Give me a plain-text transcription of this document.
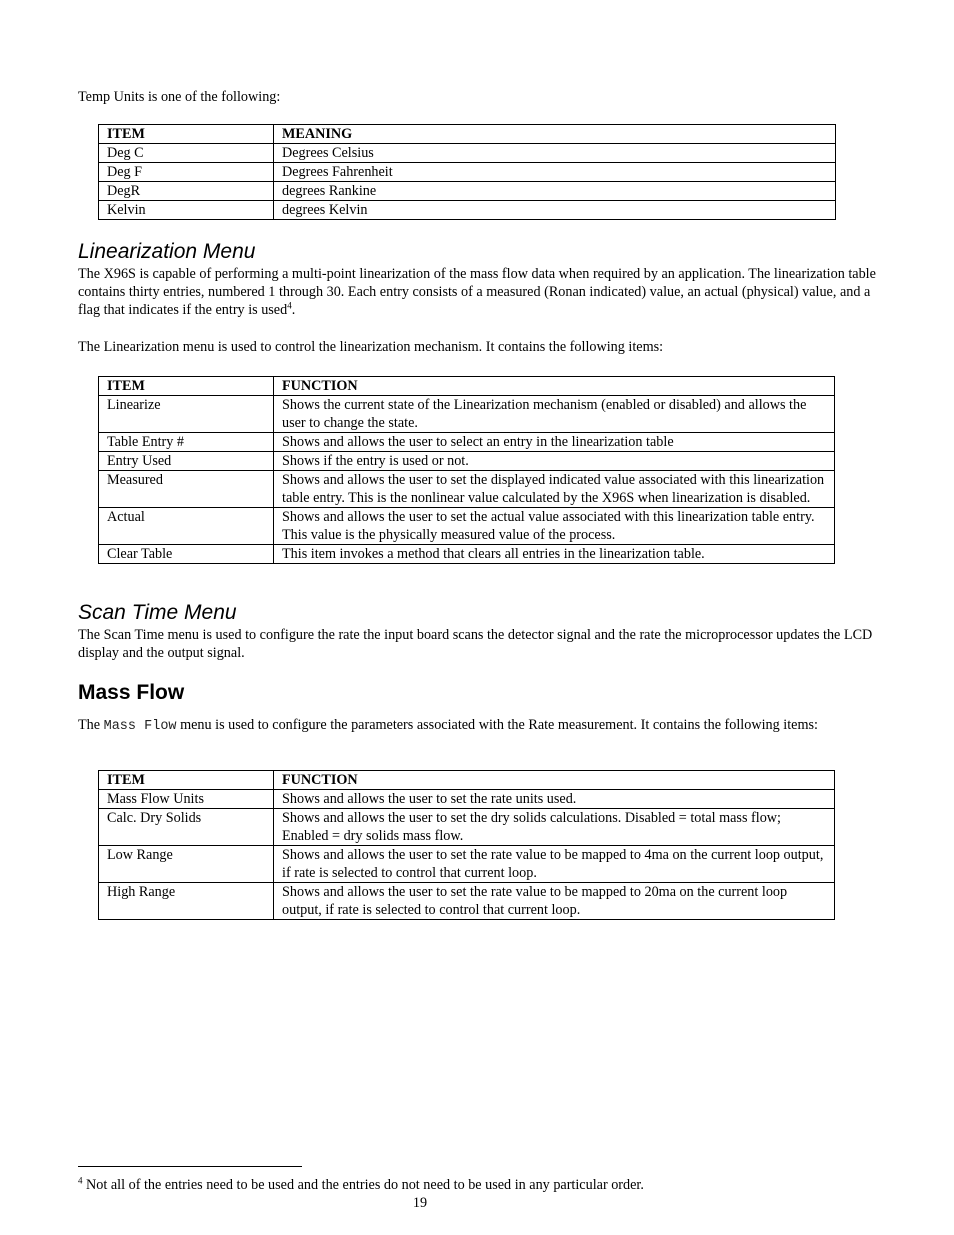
Temp Units is one of the following:

ITEM	MEANING
Deg C	Degrees Celsius
Deg F	Degrees Fahrenheit
DegR	degrees Rankine
Kelvin	degrees Kelvin
Linearization Menu

The X96S is capable of performing a multi-point linearization of the mass flow data when required by an application. The linearization table contains thirty entries, numbered 1 through 30. Each entry consists of a measured (Ronan indicated) value, an actual (physical) value, and a flag that indicates if the entry is used$^4$.

The Linearization menu is used to control the linearization mechanism. It contains the following items:

ITEM	FUNCTION
Linearize	Shows the current state of the Linearization mechanism (enabled or disabled) and allows the user to change the state.
Table Entry #	Shows and allows the user to select an entry in the linearization table
Entry Used	Shows if the entry is used or not.
Measured	Shows and allows the user to set the displayed indicated value associated with this linearization table entry. This is the nonlinear value calculated by the X96S when linearization is disabled.
Actual	Shows and allows the user to set the actual value associated with this linearization table entry. This value is the physically measured value of the process.
Clear Table	This item invokes a method that clears all entries in the linearization table.
Scan Time Menu

The Scan Time menu is used to configure the rate the input board scans the detector signal and the rate the microprocessor updates the LCD display and the output signal.

Mass Flow

The Mass Flow menu is used to configure the parameters associated with the Rate measurement. It contains the following items:

ITEM	FUNCTION
Mass Flow Units	Shows and allows the user to set the rate units used.
Calc. Dry Solids	Shows and allows the user to set the dry solids calculations. Disabled = total mass flow; Enabled = dry solids mass flow.
Low Range	Shows and allows the user to set the rate value to be mapped to 4ma on the current loop output, if rate is selected to control that current loop.
High Range	Shows and allows the user to set the rate value to be mapped to 20ma on the current loop output, if rate is selected to control that current loop.

$^4$ Not all of the entries need to be used and the entries do not need to be used in any particular order.

19
